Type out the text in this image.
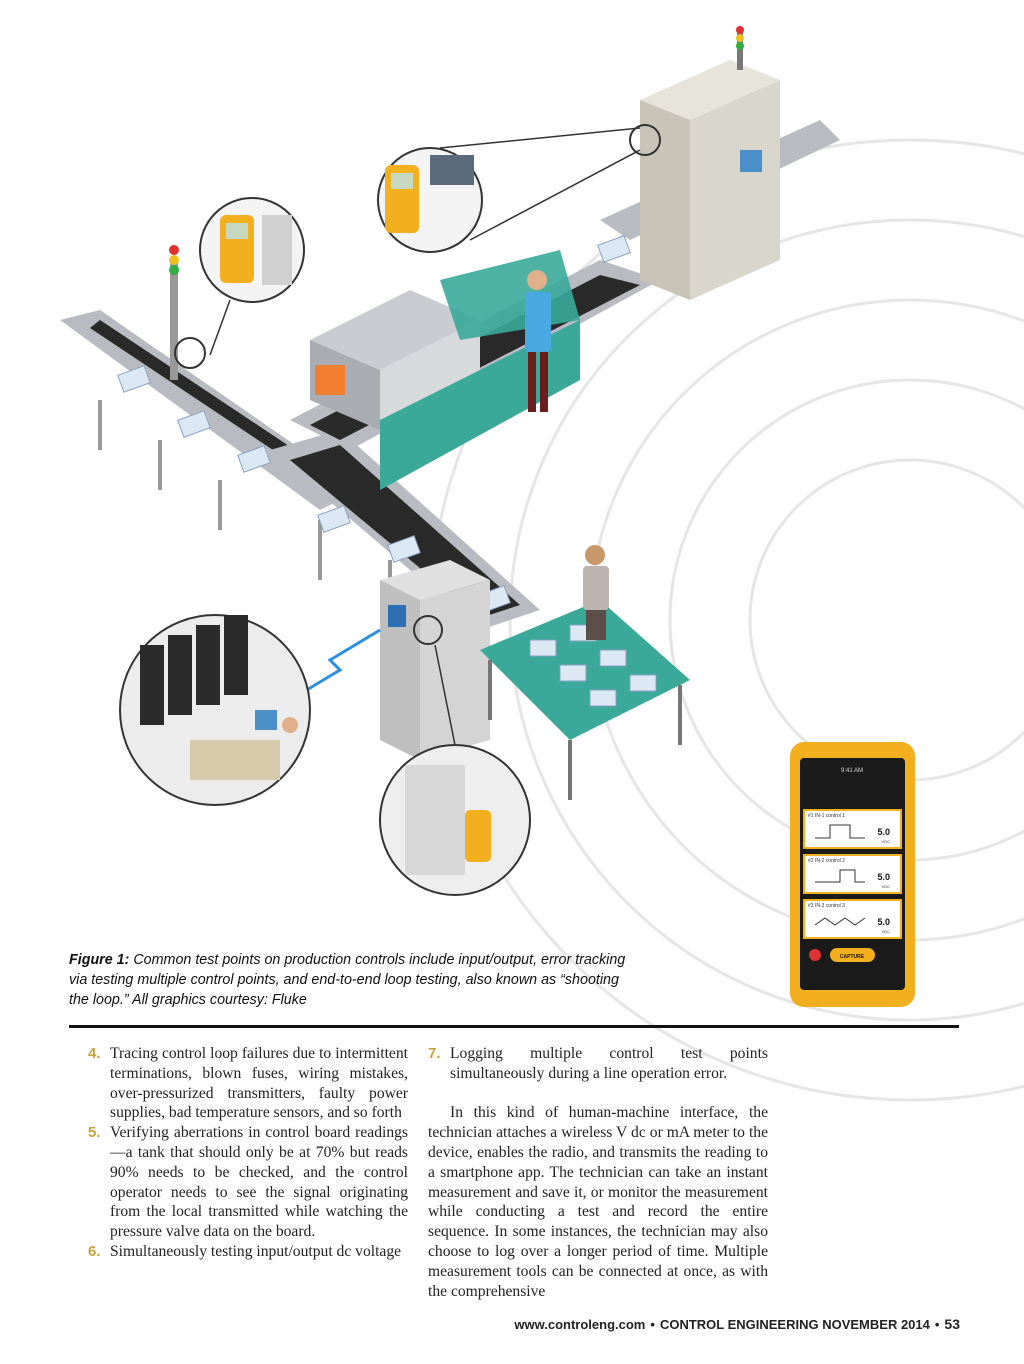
9:41 AM
#1 IN-1 control 1
#2 IN-2 control 2
#3 IN-3 control 3
5.0
5.0
5.0
VDC
VDC
VDC
CAPTURE
Figure 1: Common test points on production controls include input/output, error tracking via testing multiple control points, and end-to-end loop testing, also known as “shooting the loop.” All graphics courtesy: Fluke
4. Tracing control loop failures due to intermittent terminations, blown fuses, wiring mistakes, over-pressurized transmitters, faulty power supplies, bad temperature sensors, and so forth
5. Verifying aberrations in control board readings—a tank that should only be at 70% but reads 90% needs to be checked, and the control operator needs to see the signal originating from the local transmitted while watching the pressure valve data on the board.
6. Simultaneously testing input/output dc voltage
7. Logging multiple control test points simultaneously during a line operation error.
In this kind of human-machine interface, the technician attaches a wireless V dc or mA meter to the device, enables the radio, and transmits the reading to a smartphone app. The technician can take an instant measurement and save it, or monitor the measurement while conducting a test and record the entire sequence. In some instances, the technician may also choose to log over a longer period of time. Multiple measurement tools can be connected at once, as with the comprehensive
www.controleng.com • CONTROL ENGINEERING NOVEMBER 2014 • 53
